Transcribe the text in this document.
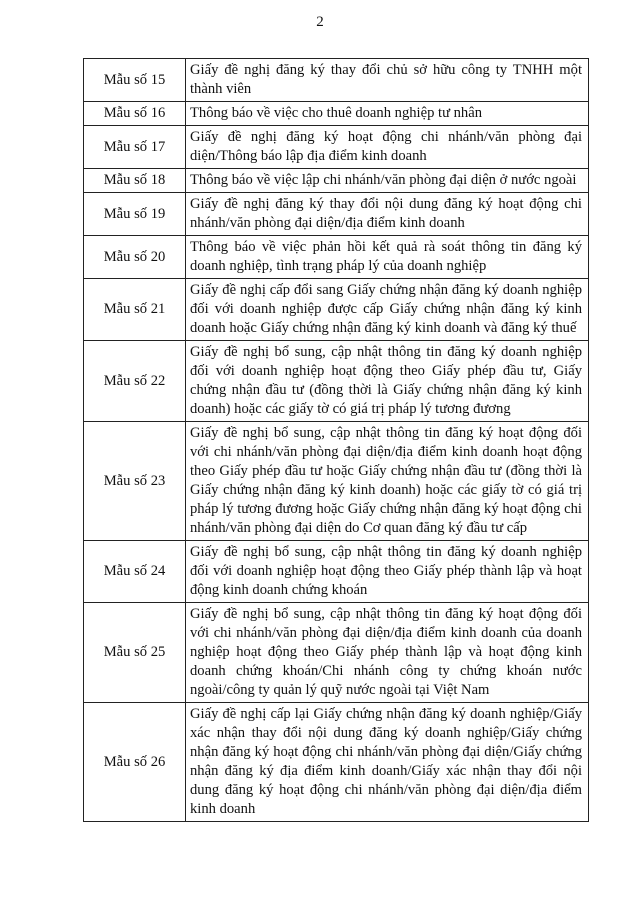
2
Mẫu số 15	Giấy đề nghị đăng ký thay đổi chủ sở hữu công ty TNHH một thành viên
Mẫu số 16	Thông báo về việc cho thuê doanh nghiệp tư nhân
Mẫu số 17	Giấy đề nghị đăng ký hoạt động chi nhánh/văn phòng đại diện/Thông báo lập địa điểm kinh doanh
Mẫu số 18	Thông báo về việc lập chi nhánh/văn phòng đại diện ở nước ngoài
Mẫu số 19	Giấy đề nghị đăng ký thay đổi nội dung đăng ký hoạt động chi nhánh/văn phòng đại diện/địa điểm kinh doanh
Mẫu số 20	Thông báo về việc phản hồi kết quả rà soát thông tin đăng ký doanh nghiệp, tình trạng pháp lý của doanh nghiệp
Mẫu số 21	Giấy đề nghị cấp đổi sang Giấy chứng nhận đăng ký doanh nghiệp đối với doanh nghiệp được cấp Giấy chứng nhận đăng ký kinh doanh hoặc Giấy chứng nhận đăng ký kinh doanh và đăng ký thuế
Mẫu số 22	Giấy đề nghị bổ sung, cập nhật thông tin đăng ký doanh nghiệp đối với doanh nghiệp hoạt động theo Giấy phép đầu tư, Giấy chứng nhận đầu tư (đồng thời là Giấy chứng nhận đăng ký kinh doanh) hoặc các giấy tờ có giá trị pháp lý tương đương
Mẫu số 23	Giấy đề nghị bổ sung, cập nhật thông tin đăng ký hoạt động đối với chi nhánh/văn phòng đại diện/địa điểm kinh doanh hoạt động theo Giấy phép đầu tư hoặc Giấy chứng nhận đầu tư (đồng thời là Giấy chứng nhận đăng ký kinh doanh) hoặc các giấy tờ có giá trị pháp lý tương đương hoặc Giấy chứng nhận đăng ký hoạt động chi nhánh/văn phòng đại diện do Cơ quan đăng ký đầu tư cấp
Mẫu số 24	Giấy đề nghị bổ sung, cập nhật thông tin đăng ký doanh nghiệp đối với doanh nghiệp hoạt động theo Giấy phép thành lập và hoạt động kinh doanh chứng khoán
Mẫu số 25	Giấy đề nghị bổ sung, cập nhật thông tin đăng ký hoạt động đối với chi nhánh/văn phòng đại diện/địa điểm kinh doanh của doanh nghiệp hoạt động theo Giấy phép thành lập và hoạt động kinh doanh chứng khoán/Chi nhánh công ty chứng khoán nước ngoài/công ty quản lý quỹ nước ngoài tại Việt Nam
Mẫu số 26	Giấy đề nghị cấp lại Giấy chứng nhận đăng ký doanh nghiệp/Giấy xác nhận thay đổi nội dung đăng ký doanh nghiệp/Giấy chứng nhận đăng ký hoạt động chi nhánh/văn phòng đại diện/Giấy chứng nhận đăng ký địa điểm kinh doanh/Giấy xác nhận thay đổi nội dung đăng ký hoạt động chi nhánh/văn phòng đại diện/địa điểm kinh doanh
